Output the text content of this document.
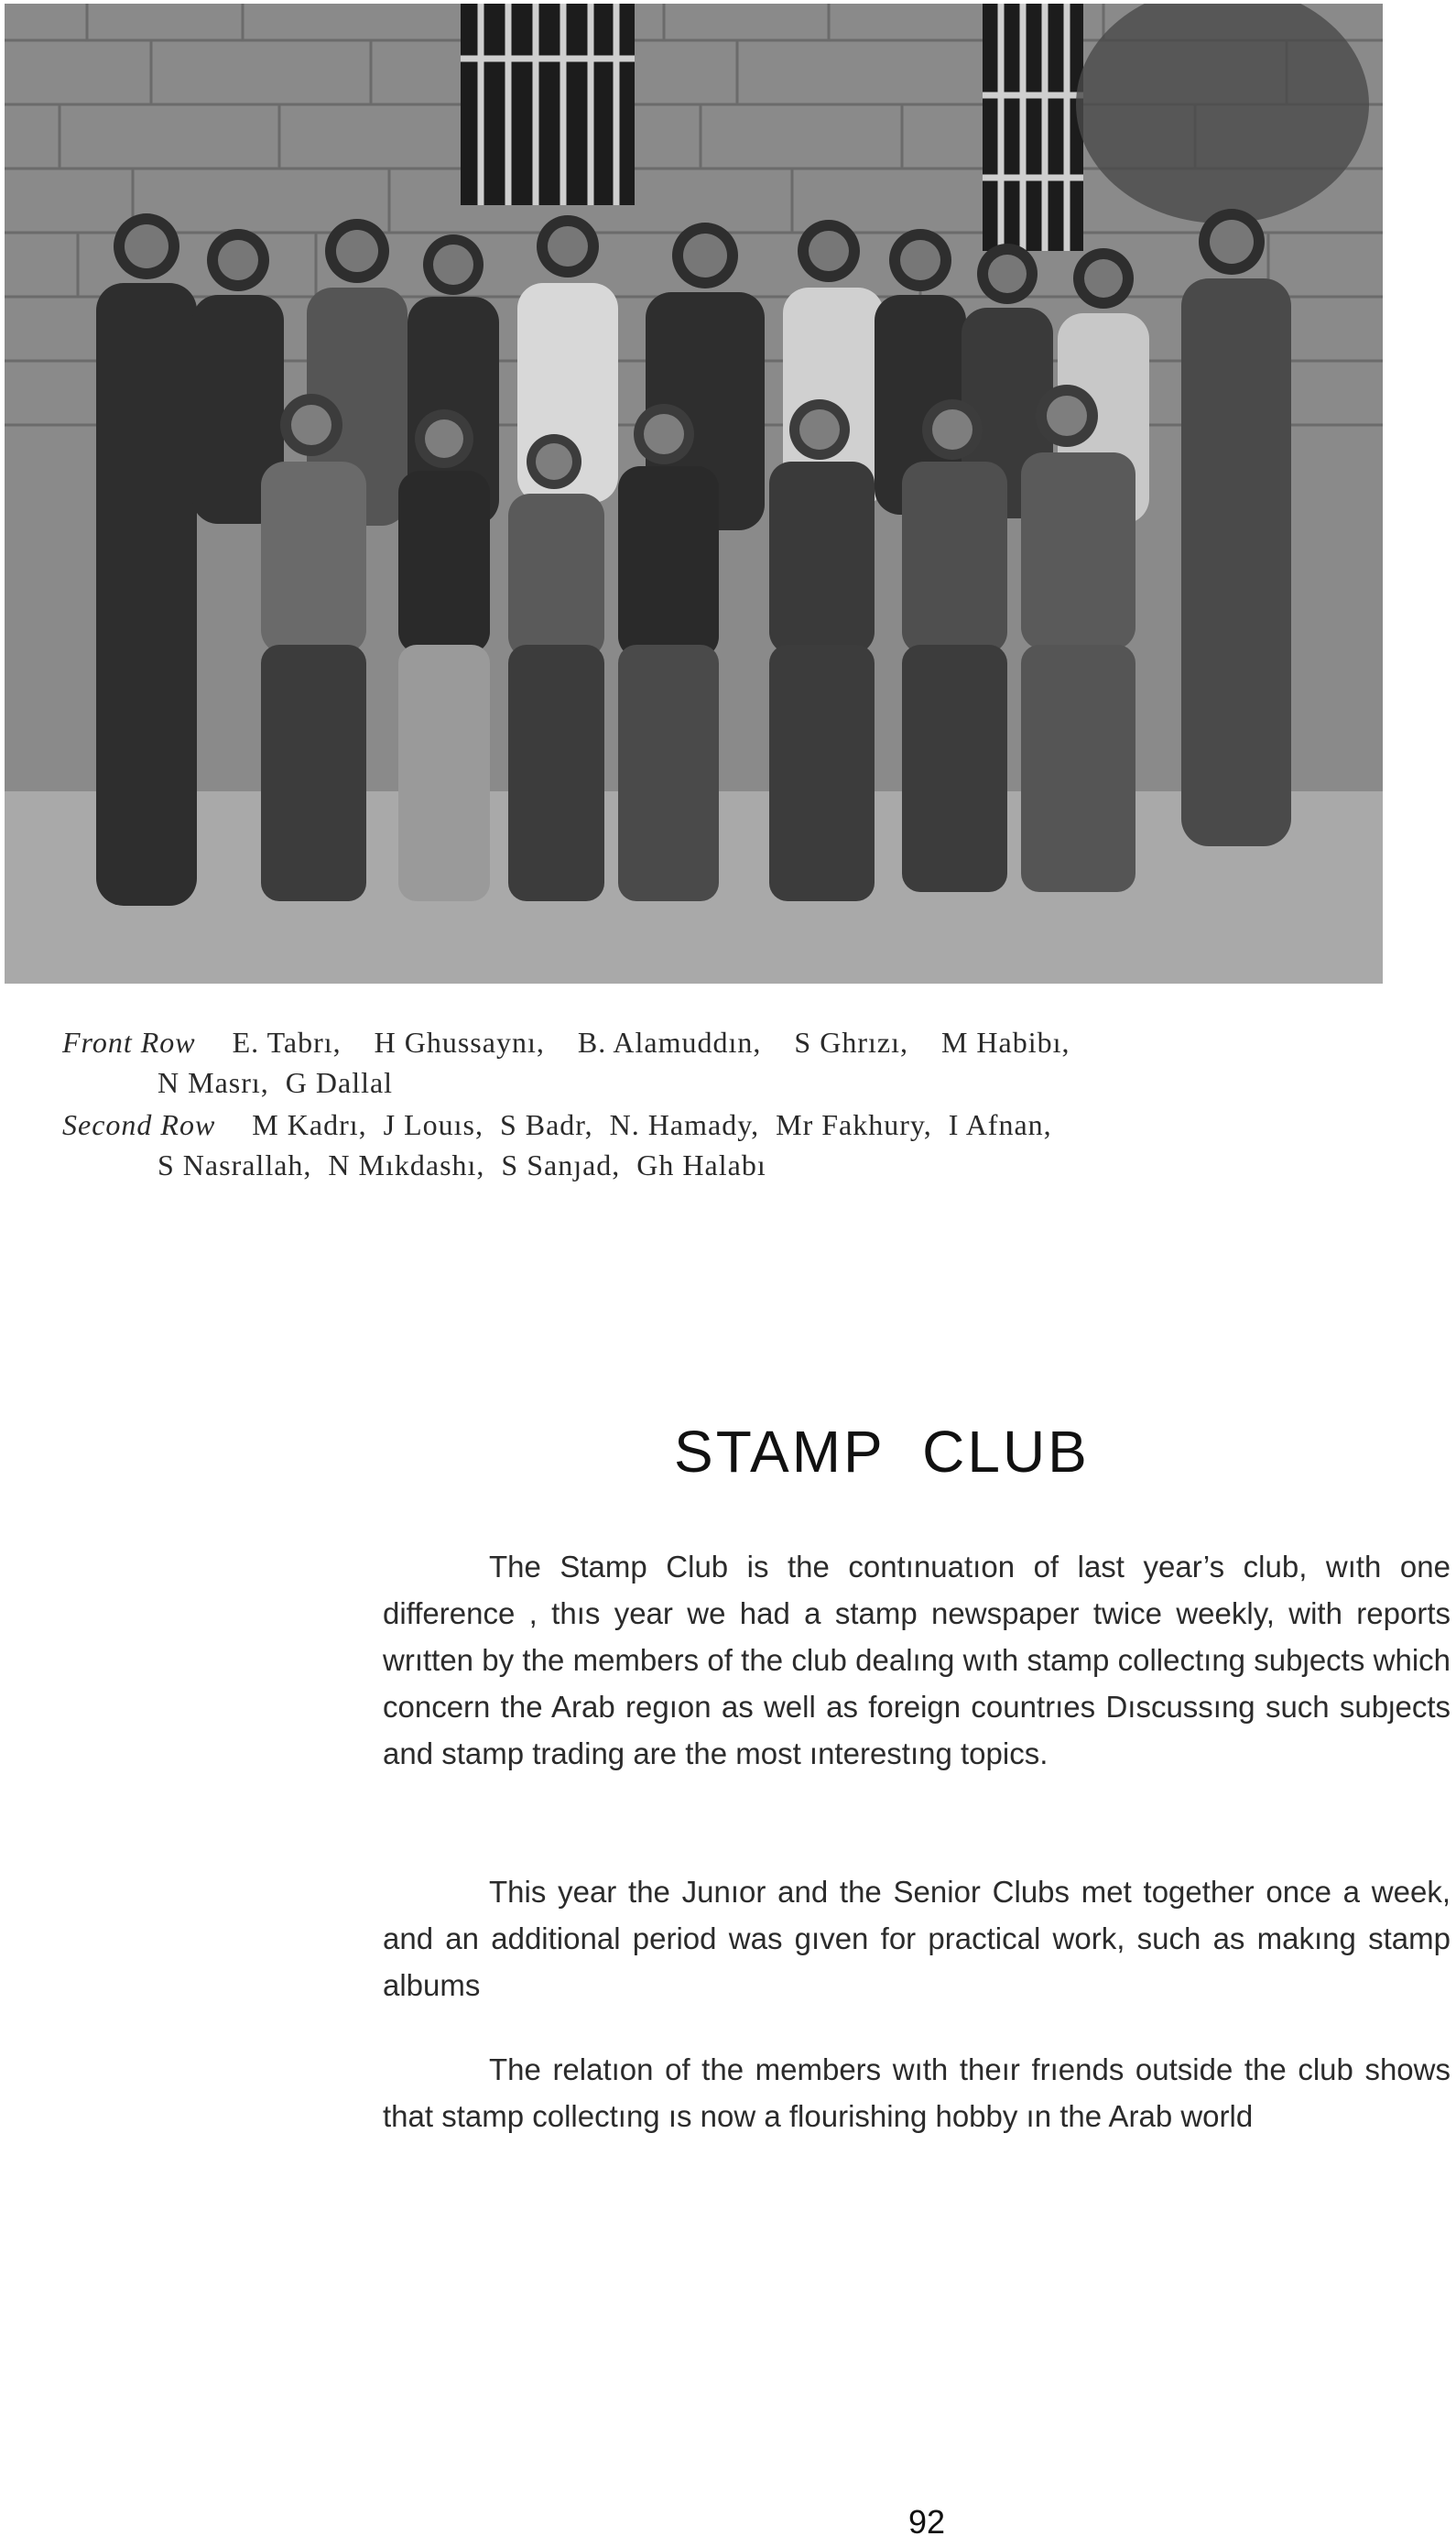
Front Row E. Tabrı,    H Ghussaynı,    B. Alamuddın,    S Ghrızı,    M Habibı,
N Masrı,  G Dallal
Second Row M Kadrı,  J Louıs,  S Badr,  N. Hamady,  Mr Fakhury,  I Afnan,
S Nasrallah,  N Mıkdashı,  S Sanȷad,  Gh Halabı
STAMP  CLUB

The Stamp Club is the contınuatıon of last year’s club, wıth one difference , thıs year we had a stamp newspaper twice weekly, with reports wrıtten by the members of the club dealıng wıth stamp collectıng subȷects which concern the Arab regıon as well as foreign countrıes Dıscussıng such subȷects and stamp trading are the most ınterestıng topics.

This year the Junıor and the Senior Clubs met together once a week, and an additional period was gıven for practical work, such as makıng stamp albums

The relatıon of the members wıth theır frıends outside the club shows that stamp collectıng ıs now a flourishing hobby ın the Arab world

92
